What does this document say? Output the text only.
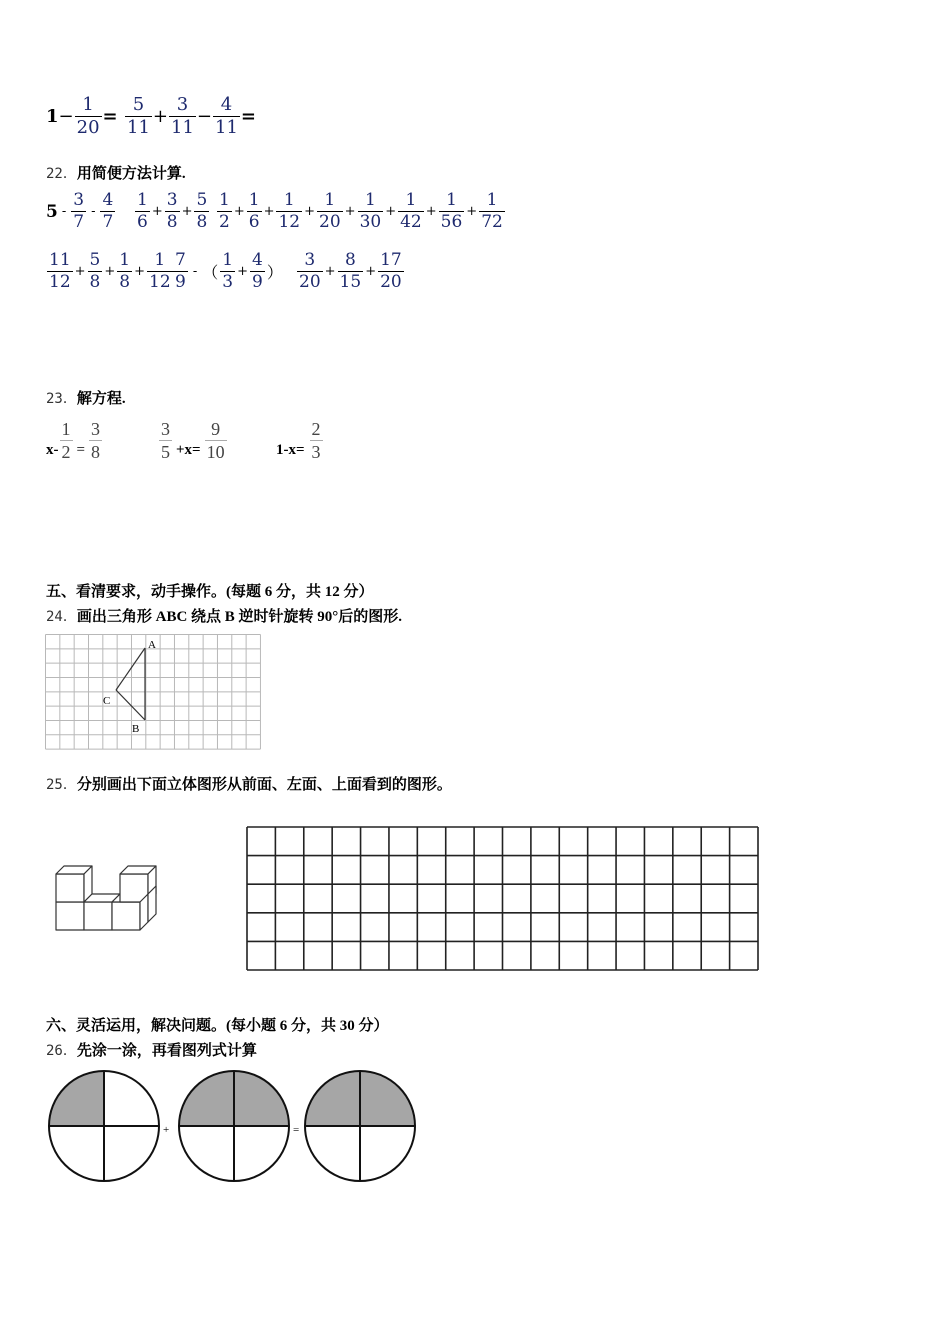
$1 - \frac{1}{20} = \frac{5}{11} + \frac{3}{11} - \frac{4}{11}$ =
22． 用简便方法计算.
$5 - \frac{3}{7} - \frac{4}{7} \frac{1}{6} + \frac{3}{8} + \frac{5}{8} \frac{1}{2} + \frac{1}{6} + \frac{1}{12} + \frac{1}{20} + \frac{1}{30} + \frac{1}{42} + \frac{1}{56} + \frac{1}{72}$
$\frac{11}{12} + \frac{5}{8} + \frac{1}{8} + \frac{1}{12} \frac{7}{9}$ - （ $\frac{1}{3} + \frac{4}{9}$ ） $\frac{3}{20} + \frac{8}{15} + \frac{17}{20}$
23． 解方程.
$x- \frac{1}{2} = \frac{3}{8}$	$\frac{3}{5} +x= \frac{9}{10}$	$1-x= \frac{2}{3}$
五、看清要求，动手操作。(每题 6 分，共 12 分）
24． 画出三角形 ABC 绕点 B 逆时针旋转 90°后的图形.
A
B
C
25． 分别画出下面立体图形从前面、左面、上面看到的图形。
六、灵活运用，解决问题。(每小题 6 分，共 30 分）
26． 先涂一涂，再看图列式计算
+	=
